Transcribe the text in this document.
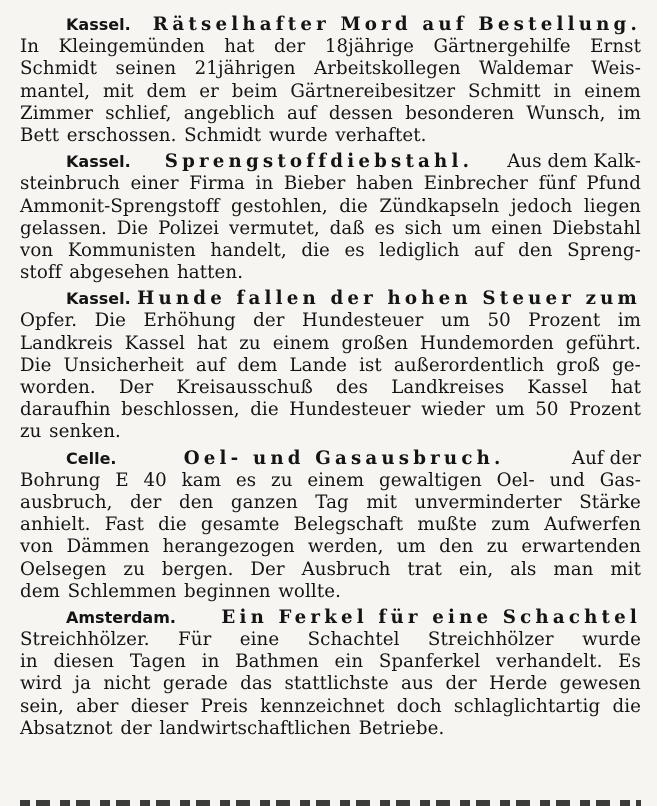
Kassel. Rätselhafter Mord auf Bestellung.
In Kleingemünden hat der 18jährige Gärtnergehilfe Ernst
Schmidt seinen 21jährigen Arbeitskollegen Waldemar Weis-
mantel, mit dem er beim Gärtnereibesitzer Schmitt in einem
Zimmer schlief, angeblich auf dessen besonderen Wunsch, im
Bett erschossen. Schmidt wurde verhaftet.
Kassel. Sprengstoffdiebstahl. Aus dem Kalk-
steinbruch einer Firma in Bieber haben Einbrecher fünf Pfund
Ammonit-Sprengstoff gestohlen, die Zündkapseln jedoch liegen
gelassen. Die Polizei vermutet, daß es sich um einen Diebstahl
von Kommunisten handelt, die es lediglich auf den Spreng-
stoff abgesehen hatten.
Kassel. Hunde fallen der hohen Steuer zum
Opfer. Die Erhöhung der Hundesteuer um 50 Prozent im
Landkreis Kassel hat zu einem großen Hundemorden geführt.
Die Unsicherheit auf dem Lande ist außerordentlich groß ge-
worden. Der Kreisausschuß des Landkreises Kassel hat
daraufhin beschlossen, die Hundesteuer wieder um 50 Prozent
zu senken.
Celle.	Oel- und Gasausbruch.	Auf der
Bohrung E 40 kam es zu einem gewaltigen Oel- und Gas-
ausbruch, der den ganzen Tag mit unverminderter Stärke
anhielt. Fast die gesamte Belegschaft mußte zum Aufwerfen
von Dämmen herangezogen werden, um den zu erwartenden
Oelsegen zu bergen. Der Ausbruch trat ein, als man mit
dem Schlemmen beginnen wollte.
Amsterdam. Ein Ferkel für eine Schachtel
Streichhölzer. Für eine Schachtel Streichhölzer wurde
in diesen Tagen in Bathmen ein Spanferkel verhandelt. Es
wird ja nicht gerade das stattlichste aus der Herde gewesen
sein, aber dieser Preis kennzeichnet doch schlaglichtartig die
Absatznot der landwirtschaftlichen Betriebe.
